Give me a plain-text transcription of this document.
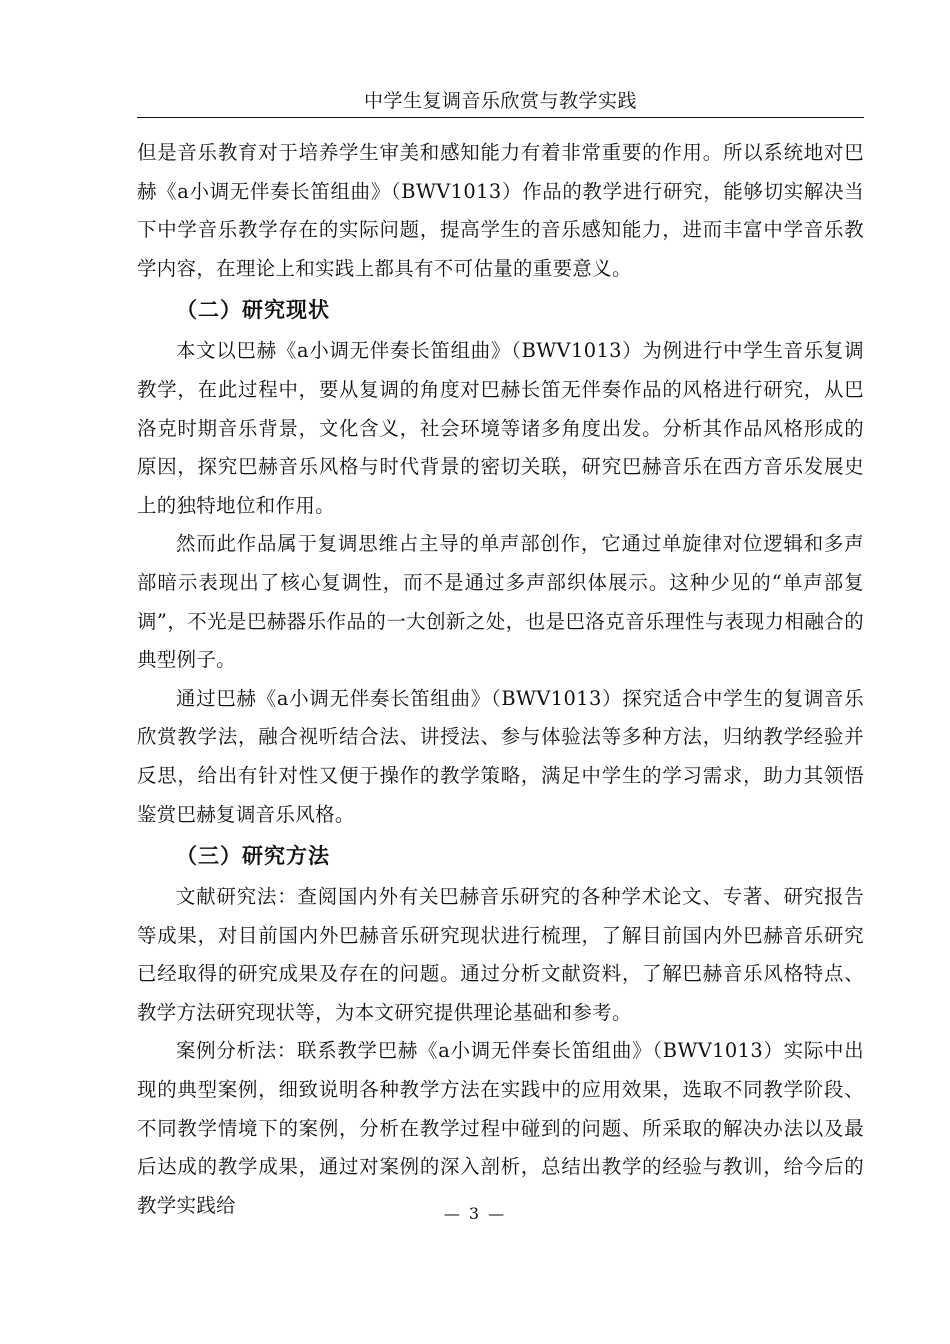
中学生复调音乐欣赏与教学实践

但是音乐教育对于培养学生审美和感知能力有着非常重要的作用。所以系统地对巴赫《a小调无伴奏长笛组曲》（BWV1013）作品的教学进行研究，能够切实解决当下中学音乐教学存在的实际问题，提高学生的音乐感知能力，进而丰富中学音乐教学内容，在理论上和实践上都具有不可估量的重要意义。

（二）研究现状

本文以巴赫《a小调无伴奏长笛组曲》（BWV1013）为例进行中学生音乐复调教学，在此过程中，要从复调的角度对巴赫长笛无伴奏作品的风格进行研究，从巴洛克时期音乐背景，文化含义，社会环境等诸多角度出发。分析其作品风格形成的原因，探究巴赫音乐风格与时代背景的密切关联，研究巴赫音乐在西方音乐发展史上的独特地位和作用。

然而此作品属于复调思维占主导的单声部创作，它通过单旋律对位逻辑和多声部暗示表现出了核心复调性，而不是通过多声部织体展示。这种少见的“单声部复调”，不光是巴赫器乐作品的一大创新之处，也是巴洛克音乐理性与表现力相融合的典型例子。

通过巴赫《a小调无伴奏长笛组曲》（BWV1013）探究适合中学生的复调音乐欣赏教学法，融合视听结合法、讲授法、参与体验法等多种方法，归纳教学经验并反思，给出有针对性又便于操作的教学策略，满足中学生的学习需求，助力其领悟鉴赏巴赫复调音乐风格。

（三）研究方法

文献研究法：查阅国内外有关巴赫音乐研究的各种学术论文、专著、研究报告等成果，对目前国内外巴赫音乐研究现状进行梳理，了解目前国内外巴赫音乐研究已经取得的研究成果及存在的问题。通过分析文献资料，了解巴赫音乐风格特点、教学方法研究现状等，为本文研究提供理论基础和参考。

案例分析法：联系教学巴赫《a小调无伴奏长笛组曲》（BWV1013）实际中出现的典型案例，细致说明各种教学方法在实践中的应用效果，选取不同教学阶段、不同教学情境下的案例，分析在教学过程中碰到的问题、所采取的解决办法以及最后达成的教学成果，通过对案例的深入剖析，总结出教学的经验与教训，给今后的教学实践给	— 3 —
